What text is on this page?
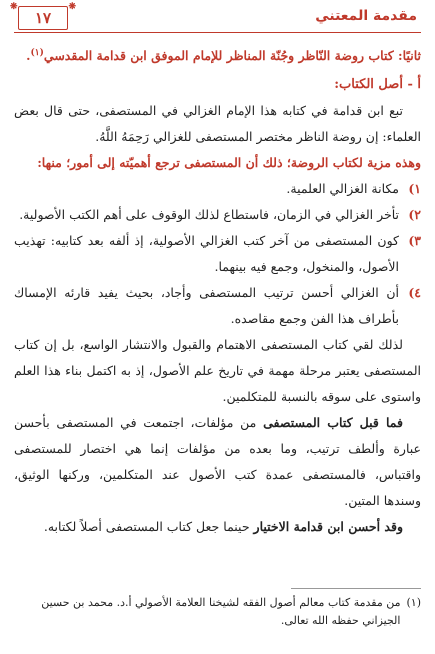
مقدمة المعتني
❋
١٧
❋

ثانيًا: كتاب روضة النّاظر وجُنّة المناظر للإمام الموفق ابن قدامة المقدسي$^{(١)}$.

أ - أصل الكتاب:

تبع ابن قدامة في كتابه هذا الإمام الغزالي في المستصفى، حتى قال بعض العلماء: إن روضة الناظر مختصر المستصفى للغزالي رَحِمَهُ اللَّهُ.

وهذه مزية لكتاب الروضة؛ ذلك أن المستصفى ترجع أهميّته إلى أمور؛ منها:

١)
مكانة الغزالي العلمية.
٢)
تأخر الغزالي في الزمان، فاستطاع لذلك الوقوف على أهم الكتب الأصولية.
٣)
كون المستصفى من آخر كتب الغزالي الأصولية، إذ ألفه بعد كتابيه: تهذيب الأصول، والمنخول، وجمع فيه بينهما.
٤)
أن الغزالي أحسن ترتيب المستصفى وأجاد، بحيث يفيد قارئه الإمساك بأطراف هذا الفن وجمع مقاصده.

لذلك لقي كتاب المستصفى الاهتمام والقبول والانتشار الواسع، بل إن كتاب المستصفى يعتبر مرحلة مهمة في تاريخ علم الأصول، إذ به اكتمل بناء هذا العلم واستوى على سوقه بالنسبة للمتكلمين.

فما قبل كتاب المستصفى من مؤلفات، اجتمعت في المستصفى بأحسن عبارة وألطف ترتيب، وما بعده من مؤلفات إنما هي اختصار للمستصفى واقتباس، فالمستصفى عمدة كتب الأصول عند المتكلمين، وركنها الوثيق، وسندها المتين.

وقد أحسن ابن قدامة الاختيار حينما جعل كتاب المستصفى أصلاً لكتابه.

(١)
من مقدمة كتاب معالم أصول الفقه لشيخنا العلامة الأصولي أ.د. محمد بن حسين الجيزاني حفظه الله تعالى.
